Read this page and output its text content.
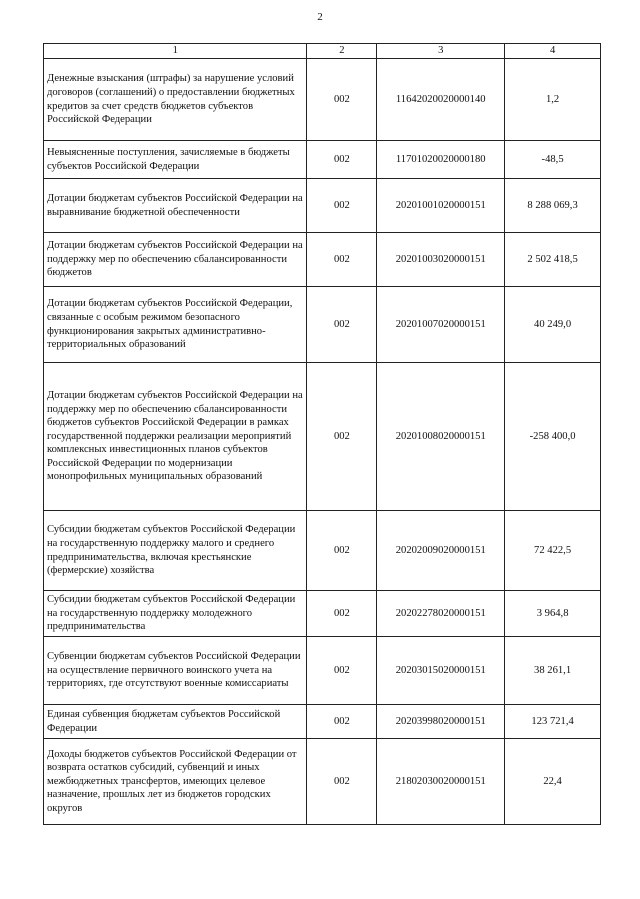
2
1	2	3	4
Денежные взыскания (штрафы) за нарушение условий договоров (соглашений) о предоставлении бюджетных кредитов за счет средств бюджетов субъектов Российской Федерации	002	11642020020000140	1,2
Невыясненные поступления, зачисляемые в бюджеты субъектов Российской Федерации	002	11701020020000180	-48,5
Дотации бюджетам субъектов Российской Федерации на выравнивание бюджетной обеспеченности	002	20201001020000151	8 288 069,3
Дотации бюджетам субъектов Российской Федерации на поддержку мер по обеспечению сбалансированности бюджетов	002	20201003020000151	2 502 418,5
Дотации бюджетам субъектов Российской Федерации, связанные с особым режимом безопасного функционирования закрытых административно-территориальных образований	002	20201007020000151	40 249,0
Дотации бюджетам субъектов Российской Федерации на поддержку мер по обеспечению сбалансированности бюджетов субъектов Российской Федерации в рамках государственной поддержки реализации мероприятий комплексных инвестиционных планов субъектов Российской Федерации по модернизации монопрофильных муниципальных образований	002	20201008020000151	-258 400,0
Субсидии бюджетам субъектов Российской Федерации на государственную поддержку малого и среднего предпринимательства, включая крестьянские (фермерские) хозяйства	002	20202009020000151	72 422,5
Субсидии бюджетам субъектов Российской Федерации на государственную поддержку молодежного предпринимательства	002	20202278020000151	3 964,8
Субвенции бюджетам субъектов Российской Федерации на осуществление первичного воинского учета на территориях, где отсутствуют военные комиссариаты	002	20203015020000151	38 261,1
Единая субвенция бюджетам субъектов Российской Федерации	002	20203998020000151	123 721,4
Доходы бюджетов субъектов Российской Федерации от возврата остатков субсидий, субвенций и иных межбюджетных трансфертов, имеющих целевое назначение, прошлых лет из бюджетов городских округов	002	21802030020000151	22,4
